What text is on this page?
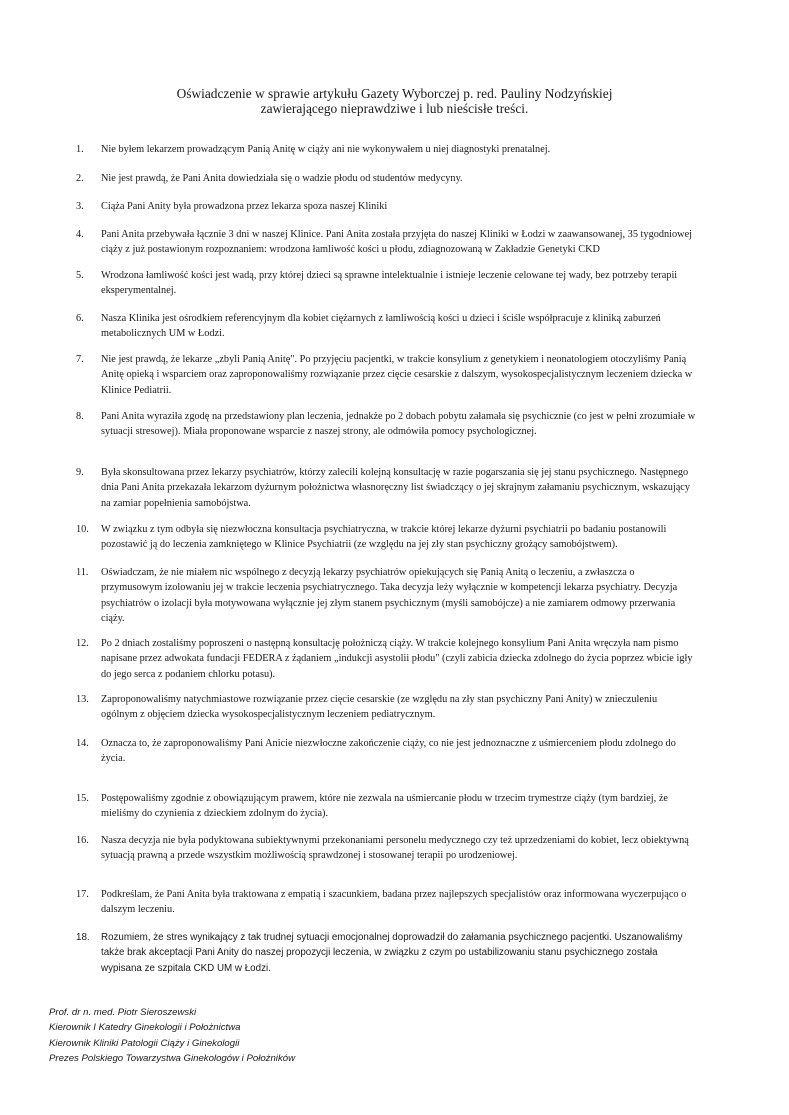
Oświadczenie w sprawie artykułu Gazety Wyborczej p. red. Pauliny Nodzyńskiej
zawierającego nieprawdziwe i lub nieścisłe treści.
1.	Nie byłem lekarzem prowadzącym Panią Anitę w ciąży ani nie wykonywałem u niej diagnostyki prenatalnej.
2.	Nie jest prawdą, że Pani Anita dowiedziała się o wadzie płodu od studentów medycyny.
3.	Ciąża Pani Anity była prowadzona przez lekarza spoza naszej Kliniki
4.	Pani Anita przebywała łącznie 3 dni w naszej Klinice. Pani Anita została przyjęta do naszej Kliniki w Łodzi w zaawansowanej, 35 tygodniowej ciąży z już postawionym rozpoznaniem: wrodzona łamliwość kości u płodu, zdiagnozowaną w Zakładzie Genetyki CKD
5.	Wrodzona łamliwość kości jest wadą, przy której dzieci są sprawne intelektualnie i istnieje leczenie celowane tej wady, bez potrzeby terapii eksperymentalnej.
6.	Nasza Klinika jest ośrodkiem referencyjnym dla kobiet ciężarnych z łamliwością kości u dzieci i ściśle współpracuje z kliniką zaburzeń metabolicznych UM w Łodzi.
7.	Nie jest prawdą, że lekarze „zbyli Panią Anitę". Po przyjęciu pacjentki, w trakcie konsylium z genetykiem i neonatologiem otoczyliśmy Panią Anitę opieką i wsparciem oraz zaproponowaliśmy rozwiązanie przez cięcie cesarskie z dalszym, wysokospecjalistycznym leczeniem dziecka w Klinice Pediatrii.
8.	Pani Anita wyraziła zgodę na przedstawiony plan leczenia, jednakże po 2 dobach pobytu załamała się psychicznie (co jest w pełni zrozumiałe w sytuacji stresowej). Miała proponowane wsparcie z naszej strony, ale odmówiła pomocy psychologicznej.
9.	Była skonsultowana przez lekarzy psychiatrów, którzy zalecili kolejną konsultację w razie pogarszania się jej stanu psychicznego. Następnego dnia Pani Anita przekazała lekarzom dyżurnym położnictwa własnoręczny list świadczący o jej skrajnym załamaniu psychicznym, wskazujący na zamiar popełnienia samobójstwa.
10.	W związku z tym odbyła się niezwłoczna konsultacja psychiatryczna, w trakcie której lekarze dyżurni psychiatrii po badaniu postanowili pozostawić ją do leczenia zamkniętego w Klinice Psychiatrii (ze względu na jej zły stan psychiczny grożący samobójstwem).
11.	Oświadczam, że nie miałem nic wspólnego z decyzją lekarzy psychiatrów opiekujących się Panią Anitą o leczeniu, a zwłaszcza o przymusowym izolowaniu jej w trakcie leczenia psychiatrycznego. Taka decyzja leży wyłącznie w kompetencji lekarza psychiatry. Decyzja psychiatrów o izolacji była motywowana wyłącznie jej złym stanem psychicznym (myśli samobójcze) a nie zamiarem odmowy przerwania ciąży.
12.	Po 2 dniach zostaliśmy poproszeni o następną konsultację położniczą ciąży. W trakcie kolejnego konsylium Pani Anita wręczyła nam pismo napisane przez adwokata fundacji FEDERA z żądaniem „indukcji asystolii płodu" (czyli zabicia dziecka zdolnego do życia poprzez wbicie igły do jego serca z podaniem chlorku potasu).
13.	Zaproponowaliśmy natychmiastowe rozwiązanie przez cięcie cesarskie (ze względu na zły stan psychiczny Pani Anity) w znieczuleniu ogólnym z objęciem dziecka wysokospecjalistycznym leczeniem pediatrycznym.
14.	Oznacza to, że zaproponowaliśmy Pani Anicie niezwłoczne zakończenie ciąży, co nie jest jednoznaczne z uśmierceniem płodu zdolnego do życia.
15.	Postępowaliśmy zgodnie z obowiązującym prawem, które nie zezwala na uśmiercanie płodu w trzecim trymestrze ciąży (tym bardziej, że mieliśmy do czynienia z dzieckiem zdolnym do życia).
16.	Nasza decyzja nie była podyktowana subiektywnymi przekonaniami personelu medycznego czy też uprzedzeniami do kobiet, lecz obiektywną sytuacją prawną a przede wszystkim możliwością sprawdzonej i stosowanej terapii po urodzeniowej.
17.	Podkreślam, że Pani Anita była traktowana z empatią i szacunkiem, badana przez najlepszych specjalistów oraz informowana wyczerpująco o dalszym leczeniu.
18.	Rozumiem, że stres wynikający z tak trudnej sytuacji emocjonalnej doprowadził do załamania psychicznego pacjentki. Uszanowaliśmy także brak akceptacji Pani Anity do naszej propozycji leczenia, w związku z czym po ustabilizowaniu stanu psychicznego została wypisana ze szpitala CKD UM w Łodzi.
Prof. dr n. med. Piotr Sieroszewski
Kierownik I Katedry Ginekologii i Położnictwa
Kierownik Kliniki Patologii Ciąży i Ginekologii
Prezes Polskiego Towarzystwa Ginekologów i Położników
